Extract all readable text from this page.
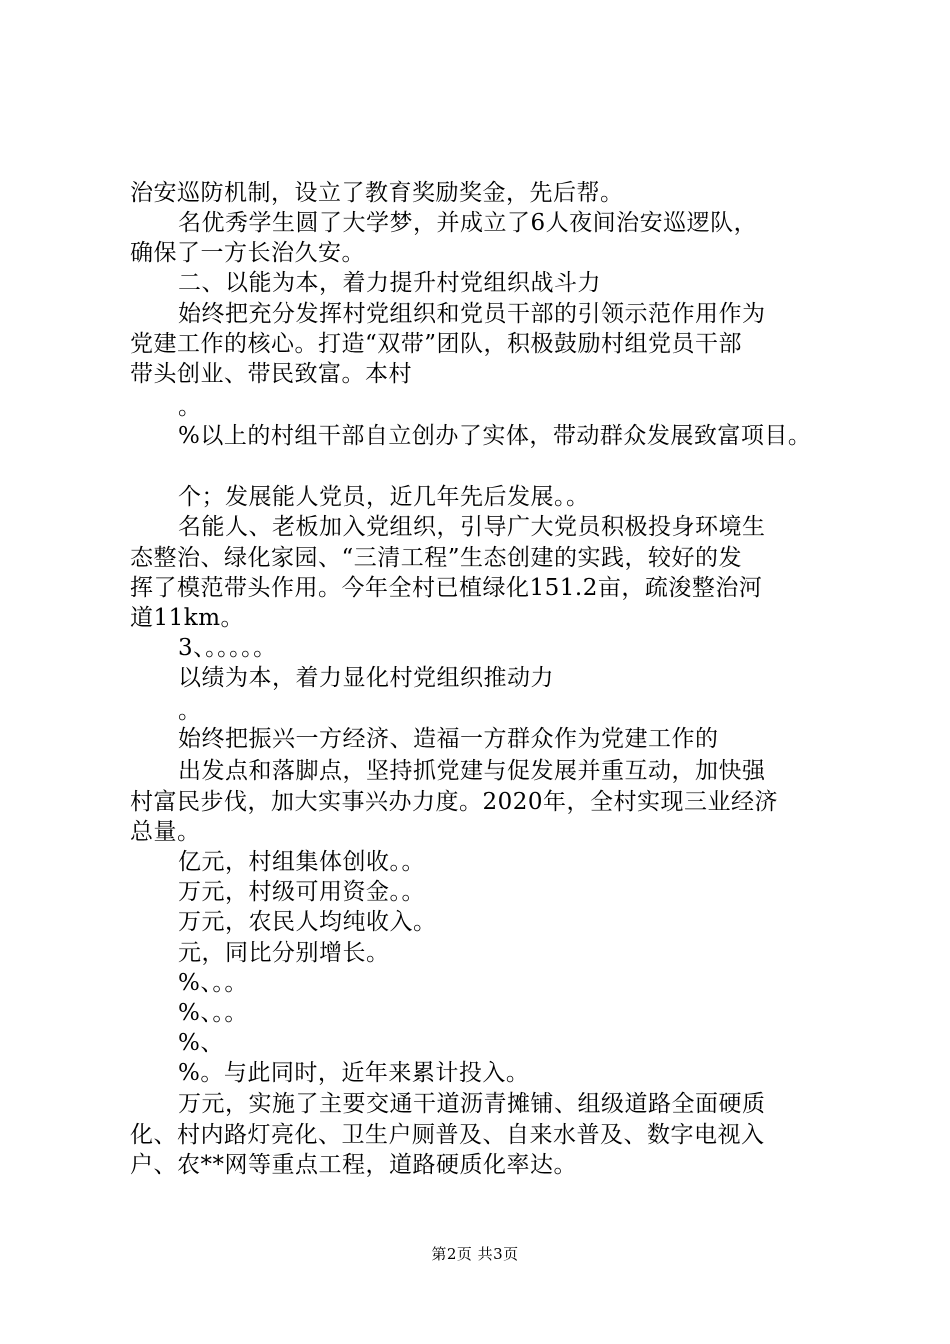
治安巡防机制，设立了教育奖励奖金，先后帮。
名优秀学生圆了大学梦，并成立了6人夜间治安巡逻队，
确保了一方长治久安。
二、以能为本，着力提升村党组织战斗力
始终把充分发挥村党组织和党员干部的引领示范作用作为
党建工作的核心。打造“双带”团队，积极鼓励村组党员干部
带头创业、带民致富。本村
。
%以上的村组干部自立创办了实体，带动群众发展致富项目。
个；发展能人党员，近几年先后发展。。
名能人、老板加入党组织，引导广大党员积极投身环境生
态整治、绿化家园、“三清工程”生态创建的实践，较好的发
挥了模范带头作用。今年全村已植绿化151.2亩，疏浚整治河
道11km。
3、。。。。。
以绩为本，着力显化村党组织推动力
。
始终把振兴一方经济、造福一方群众作为党建工作的
出发点和落脚点，坚持抓党建与促发展并重互动，加快强
村富民步伐，加大实事兴办力度。2020年，全村实现三业经济
总量。
亿元，村组集体创收。。
万元，村级可用资金。。
万元，农民人均纯收入。
元，同比分别增长。
%、。。
%、。。
%、
%。与此同时，近年来累计投入。
万元，实施了主要交通干道沥青摊铺、组级道路全面硬质
化、村内路灯亮化、卫生户厕普及、自来水普及、数字电视入
户、农**网等重点工程，道路硬质化率达。
第2页 共3页
